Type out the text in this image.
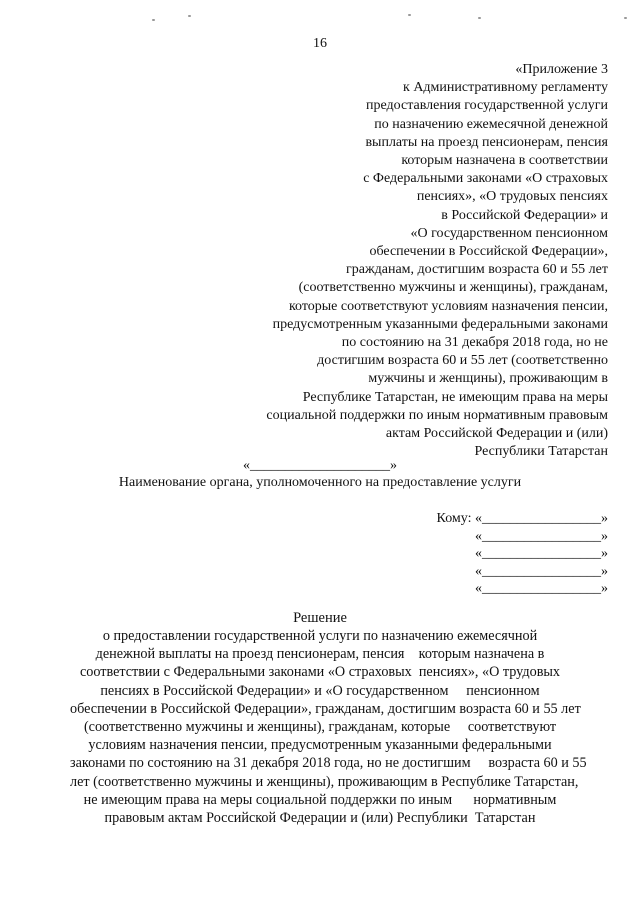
16
«Приложение 3
к Административному регламенту
предоставления государственной услуги
по назначению ежемесячной денежной
выплаты на проезд пенсионерам, пенсия
которым назначена в соответствии
с Федеральными законами «О страховых
пенсиях», «О трудовых пенсиях
в Российской Федерации» и
«О государственном пенсионном
обеспечении в Российской Федерации»,
гражданам, достигшим возраста 60 и 55 лет
(соответственно мужчины и женщины), гражданам,
которые соответствуют условиям назначения пенсии,
предусмотренным указанными федеральными законами
по состоянию на 31 декабря 2018 года, но не
достигшим возраста 60 и 55 лет (соответственно
мужчины и женщины), проживающим в
Республике Татарстан, не имеющим права на меры
социальной поддержки по иным нормативным правовым
актам Российской Федерации и (или)
Республики Татарстан
«____________________»
Наименование органа, уполномоченного на предоставление услуги
Кому: «_________________»
«_________________»
«_________________»
«_________________»
«_________________»
Решение
о предоставлении государственной услуги по назначению ежемесячной
денежной выплаты на проезд пенсионерам, пенсия    которым назначена в
соответствии с Федеральными законами «О страховых  пенсиях», «О трудовых
пенсиях в Российской Федерации» и «О государственном     пенсионном
обеспечении в Российской Федерации», гражданам, достигшим возраста 60 и 55 лет
(соответственно мужчины и женщины), гражданам, которые     соответствуют
условиям назначения пенсии, предусмотренным указанными федеральными
законами по состоянию на 31 декабря 2018 года, но не достигшим     возраста 60 и 55
лет (соответственно мужчины и женщины), проживающим в Республике Татарстан,
не имеющим права на меры социальной поддержки по иным      нормативным
правовым актам Российской Федерации и (или) Республики  Татарстан
